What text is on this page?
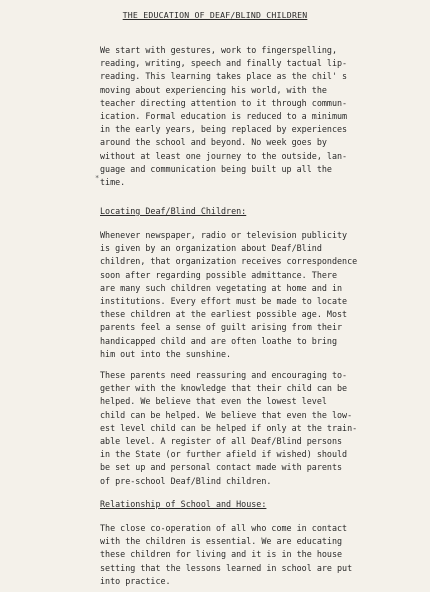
THE EDUCATION OF DEAF/BLIND CHILDREN
We start with gestures, work to fingerspelling,
reading, writing, speech and finally tactual lip-
reading. This learning takes place as the chil' s
moving about experiencing his world, with the
teacher directing attention to it through commun-
ication. Formal education is reduced to a minimum
in the early years, being replaced by experiences
around the school and beyond. No week goes by
without at least one journey to the outside, lan-
guage and communication being built up all the
time.
*
Locating Deaf/Blind Children:
Whenever newspaper, radio or television publicity
is given by an organization about Deaf/Blind
children, that organization receives correspondence
soon after regarding possible admittance. There
are many such children vegetating at home and in
institutions. Every effort must be made to locate
these children at the earliest possible age. Most
parents feel a sense of guilt arising from their
handicapped child and are often loathe to bring
him out into the sunshine.
These parents need reassuring and encouraging to-
gether with the knowledge that their child can be
helped. We believe that even the lowest level
child can be helped. We believe that even the low-
est level child can be helped if only at the train-
able level. A register of all Deaf/Blind persons
in the State (or further afield if wished) should
be set up and personal contact made with parents
of pre-school Deaf/Blind children.
Relationship of School and House:
The close co-operation of all who come in contact
with the children is essential. We are educating
these children for living and it is in the house
setting that the lessons learned in school are put
into practice.
